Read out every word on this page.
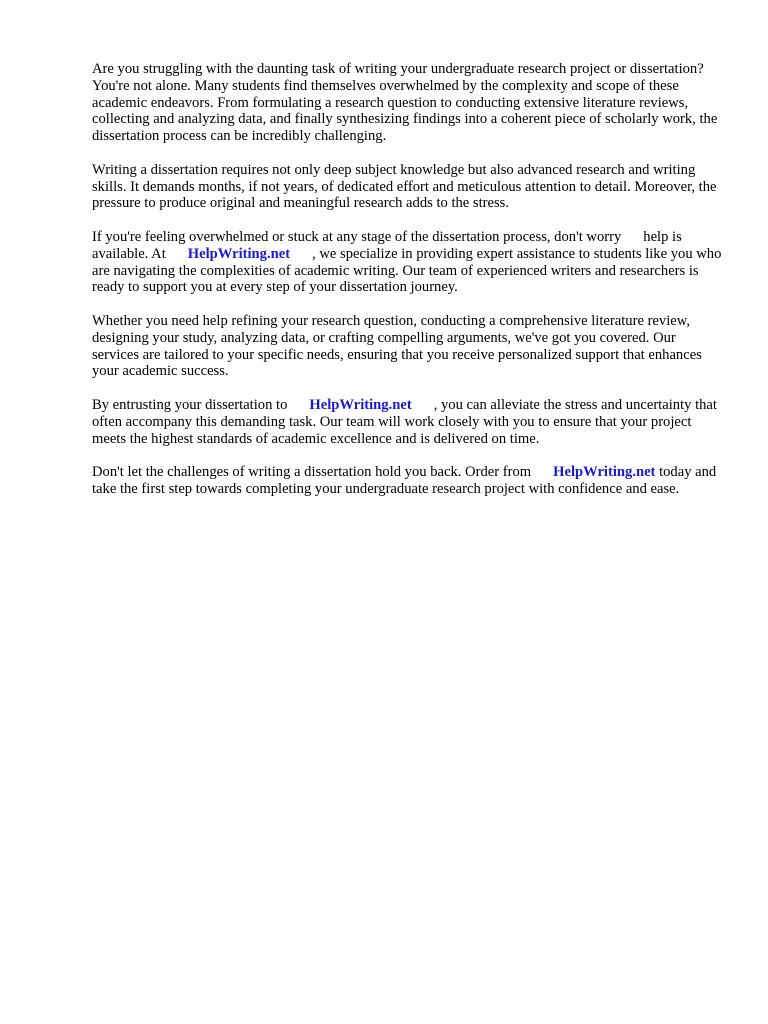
Are you struggling with the daunting task of writing your undergraduate research project or dissertation? You're not alone. Many students find themselves overwhelmed by the complexity and scope of these academic endeavors. From formulating a research question to conducting extensive literature reviews, collecting and analyzing data, and finally synthesizing findings into a coherent piece of scholarly work, the dissertation process can be incredibly challenging.

Writing a dissertation requires not only deep subject knowledge but also advanced research and writing skills. It demands months, if not years, of dedicated effort and meticulous attention to detail. Moreover, the pressure to produce original and meaningful research adds to the stress.

If you're feeling overwhelmed or stuck at any stage of the dissertation process, don't worry help is available. At HelpWriting.net , we specialize in providing expert assistance to students like you who are navigating the complexities of academic writing. Our team of experienced writers and researchers is ready to support you at every step of your dissertation journey.

Whether you need help refining your research question, conducting a comprehensive literature review, designing your study, analyzing data, or crafting compelling arguments, we've got you covered. Our services are tailored to your specific needs, ensuring that you receive personalized support that enhances your academic success.

By entrusting your dissertation to HelpWriting.net , you can alleviate the stress and uncertainty that often accompany this demanding task. Our team will work closely with you to ensure that your project meets the highest standards of academic excellence and is delivered on time.

Don't let the challenges of writing a dissertation hold you back. Order from HelpWriting.net today and take the first step towards completing your undergraduate research project with confidence and ease.
